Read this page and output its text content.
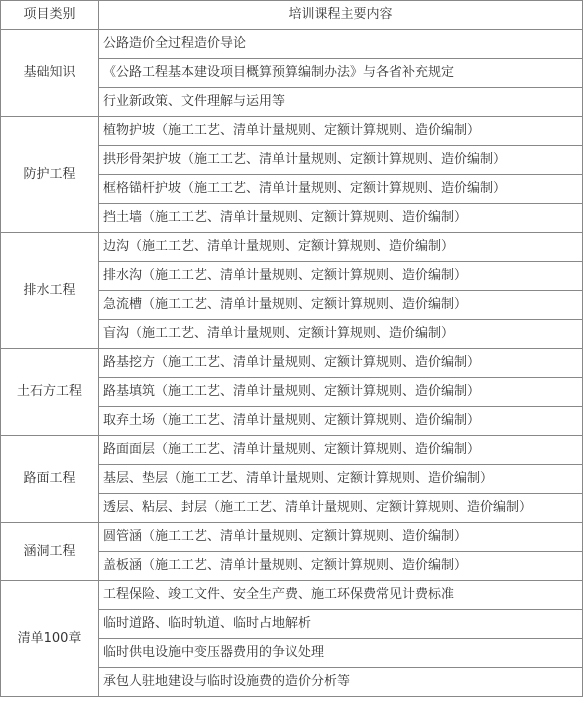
项目类别	培训课程主要内容
基础知识	公路造价全过程造价导论
	《公路工程基本建设项目概算预算编制办法》与各省补充规定
	行业新政策、文件理解与运用等
防护工程	植物护坡（施工工艺、清单计量规则、定额计算规则、造价编制）
	拱形骨架护坡（施工工艺、清单计量规则、定额计算规则、造价编制）
	框格锚杆护坡（施工工艺、清单计量规则、定额计算规则、造价编制）
	挡土墙（施工工艺、清单计量规则、定额计算规则、造价编制）
排水工程	边沟（施工工艺、清单计量规则、定额计算规则、造价编制）
	排水沟（施工工艺、清单计量规则、定额计算规则、造价编制）
	急流槽（施工工艺、清单计量规则、定额计算规则、造价编制）
	盲沟（施工工艺、清单计量规则、定额计算规则、造价编制）
土石方工程	路基挖方（施工工艺、清单计量规则、定额计算规则、造价编制）
	路基填筑（施工工艺、清单计量规则、定额计算规则、造价编制）
	取弃土场（施工工艺、清单计量规则、定额计算规则、造价编制）
路面工程	路面面层（施工工艺、清单计量规则、定额计算规则、造价编制）
	基层、垫层（施工工艺、清单计量规则、定额计算规则、造价编制）
	透层、粘层、封层（施工工艺、清单计量规则、定额计算规则、造价编制）
涵洞工程	圆管涵（施工工艺、清单计量规则、定额计算规则、造价编制）
	盖板涵（施工工艺、清单计量规则、定额计算规则、造价编制）
清单100章	工程保险、竣工文件、安全生产费、施工环保费常见计费标准
	临时道路、临时轨道、临时占地解析
	临时供电设施中变压器费用的争议处理
	承包人驻地建设与临时设施费的造价分析等
